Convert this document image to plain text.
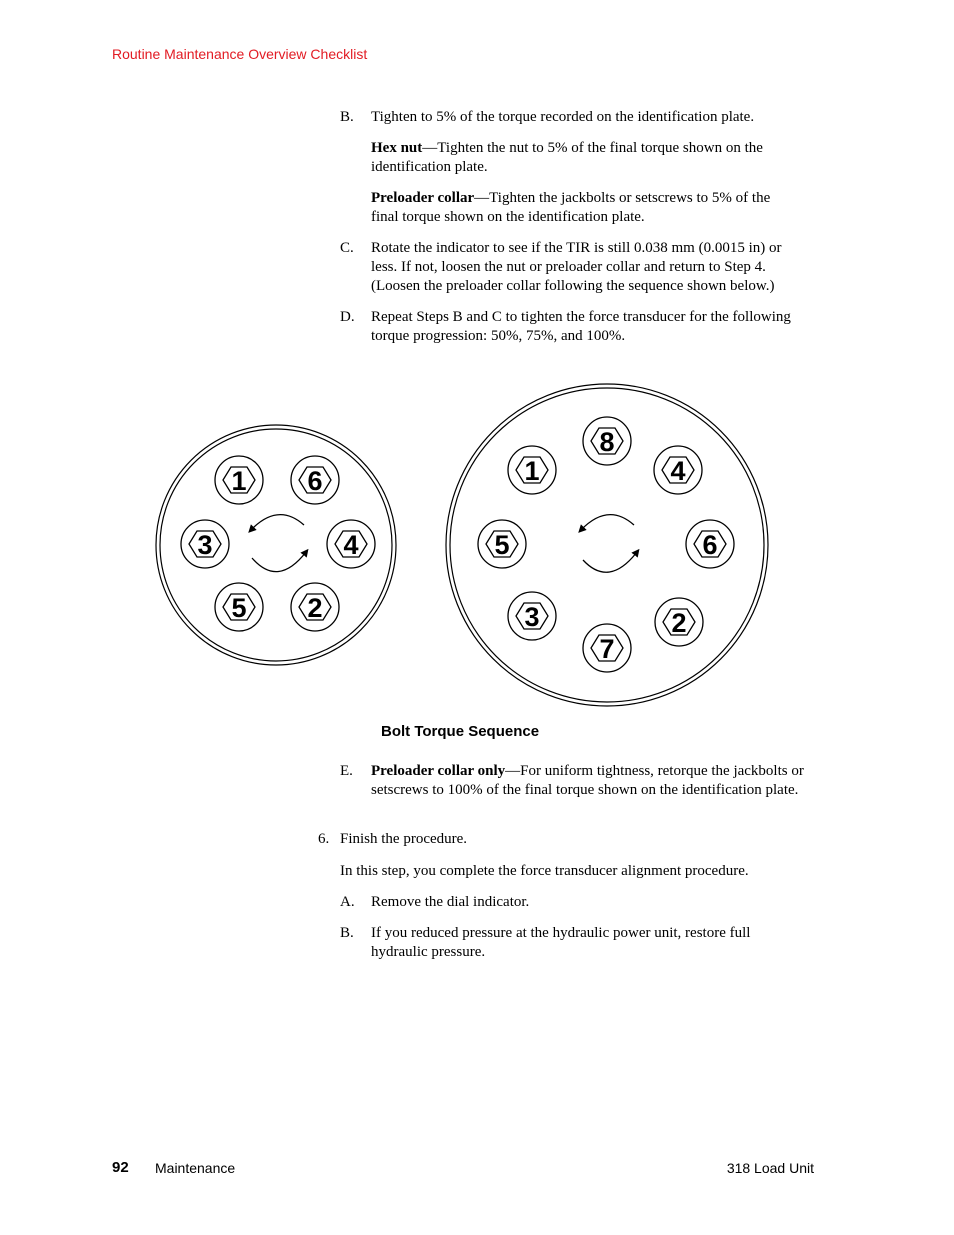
Routine Maintenance Overview Checklist
B. Tighten to 5% of the torque recorded on the identification plate.
Hex nut—Tighten the nut to 5% of the final torque shown on the identification plate.
Preloader collar—Tighten the jackbolts or setscrews to 5% of the final torque shown on the identification plate.
C. Rotate the indicator to see if the TIR is still 0.038 mm (0.0015 in) or less. If not, loosen the nut or preloader collar and return to Step 4. (Loosen the preloader collar following the sequence shown below.)
D. Repeat Steps B and C to tighten the force transducer for the following torque progression: 50%, 75%, and 100%.
1 6
3	4
5 2
8
1	4
5	6
3	2
7
Bolt Torque Sequence
E. Preloader collar only—For uniform tightness, retorque the jackbolts or setscrews to 100% of the final torque shown on the identification plate.
6. Finish the procedure.
In this step, you complete the force transducer alignment procedure.
A. Remove the dial indicator.
B. If you reduced pressure at the hydraulic power unit, restore full hydraulic pressure.
92 Maintenance	318 Load Unit
